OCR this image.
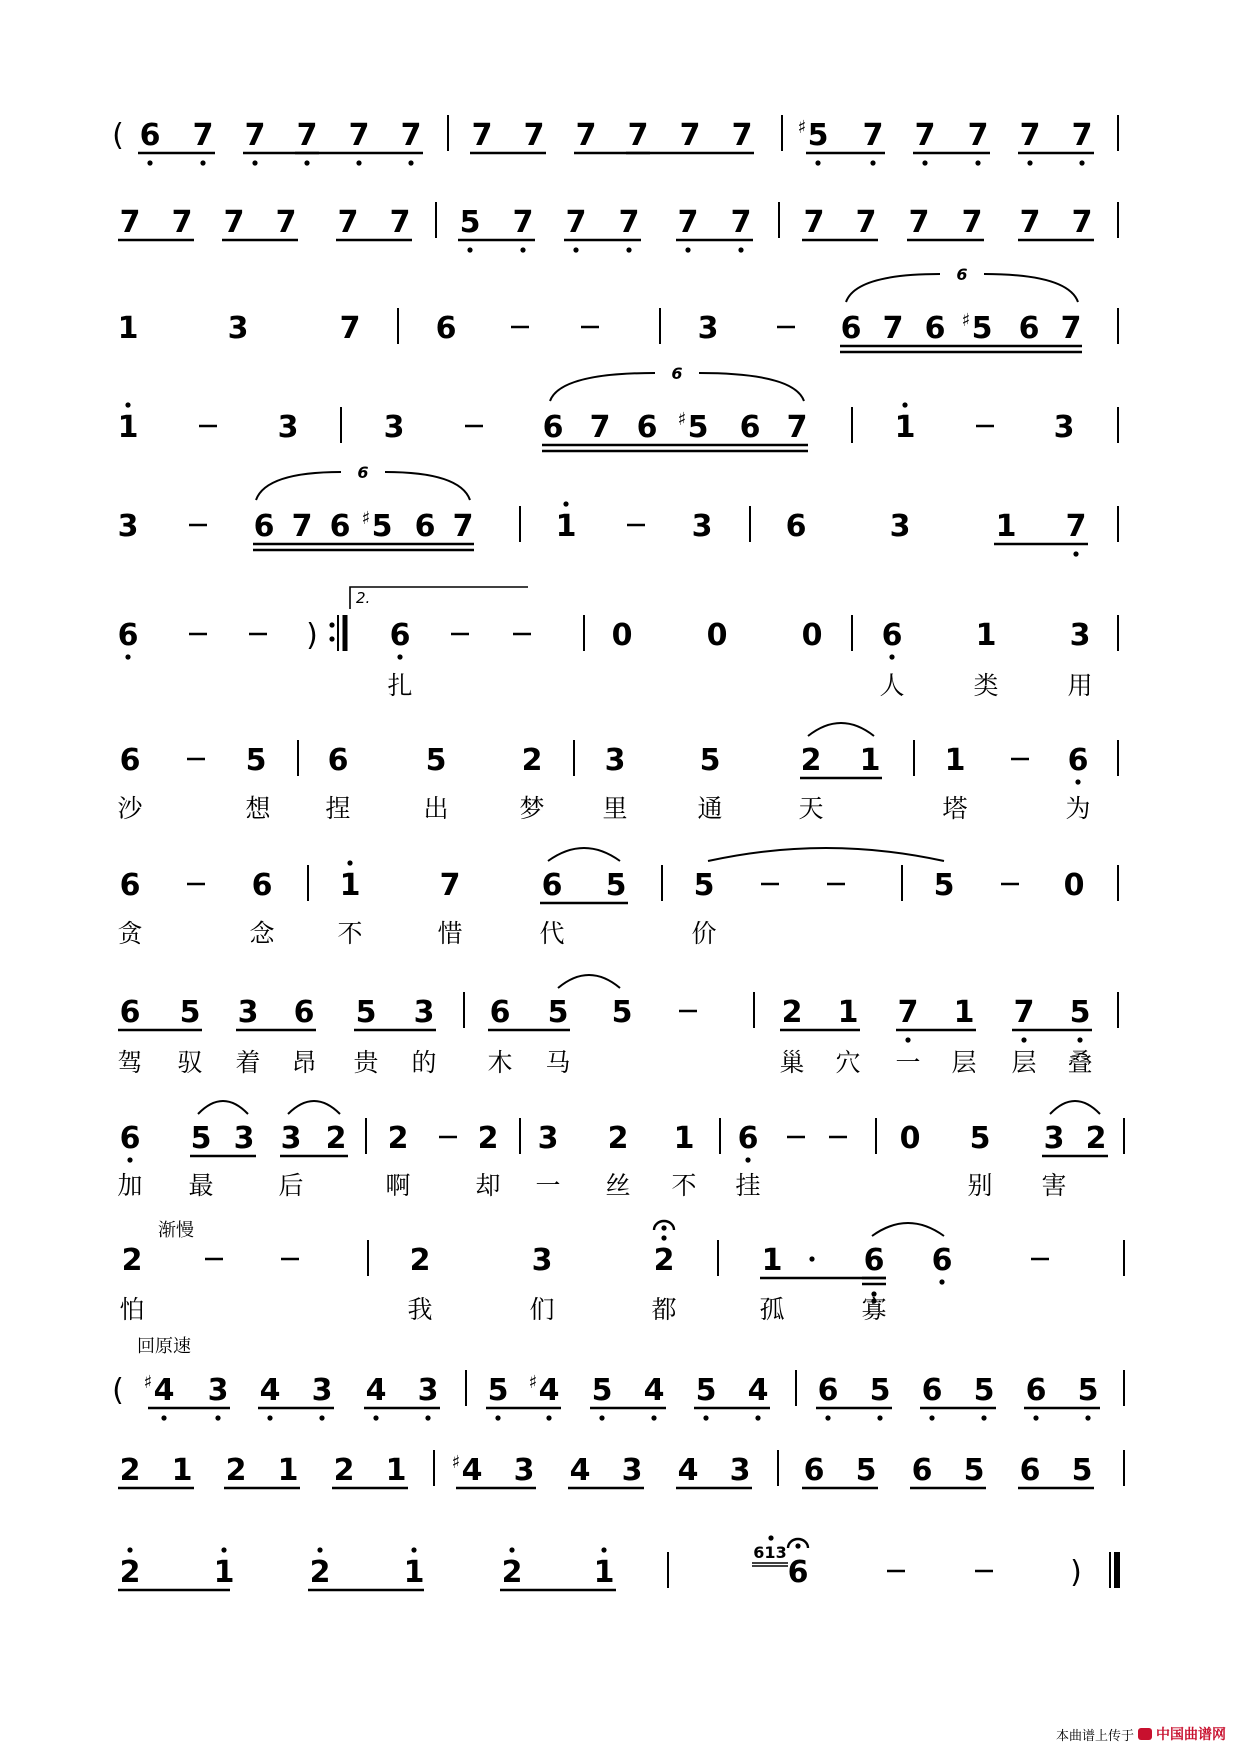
( 6 7 7 7 7 7 7 7 7 7 7 7 5
♯ 7 7 7 7 7
7 7 7 7 7 7 5 7 7 7 7 7 7 7 7 7 7 7
1	3	7	6	3	6 7 6 5
♯ 6 7
6
1	3	3	6 7 6 5
♯ 6 7	1	3
6
3	6 7 6 5
♯ 6 7	1	3 6	3	1 7
6
6	) 6	0 0 0 6 1 3
2.
6	5 6	5	2 3 5	2 1 1	6
6	6 1	7	6 5 5	5	0
6 5 3 6 5 3 6 5 5	2 1 7 1 7 5
6 5 3 3 2 2 2 3 2 1 6	0 5 3 2
2	2	3	2	1	6 6
( 4
♯ 3 4 3 4 3 5 4
♯ 5 4 5 4 6 5 6 5 6 5
2 1 2 1 2 1 4
♯ 3 4 3 4 3 6 5 6 5 6 5
2 1	2 1	2 1
613
6	)
扎	人	类	用
沙	想 捏	出	梦 里	通	天	塔	为
贪	念	不	惜	代	价
驾 驭 着 昂 贵 的 木 马	巢 穴 一 层 层 叠
加 最	后	啊	却 一 丝 不 挂	别 害
怕	我	们	都	孤	寡
渐慢
回原速
本曲谱上传于 中国曲谱网
